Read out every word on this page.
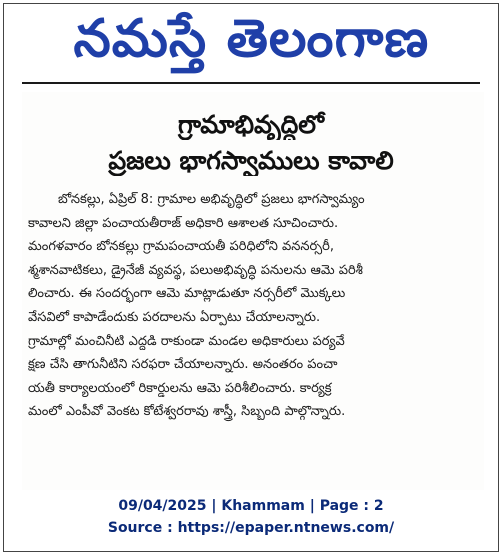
నమస్తే తెలంగాణ
గ్రామాభివృద్ధిలో
ప్రజలు భాగస్వాములు కావాలి
బోనకల్లు, ఏప్రిల్ 8: గ్రామాల అభివృద్ధిలో ప్రజలు భాగస్వామ్యం
కావాలని జిల్లా పంచాయతీరాజ్ అధికారి ఆశాలత సూచించారు.
మంగళవారం బోనకల్లు గ్రామపంచాయతీ పరిధిలోని వననర్సరీ,
శ్మశానవాటికలు, డ్రైనేజీ వ్యవస్థ, పలుఅభివృద్ధి పనులను ఆమె పరిశీ
లించారు. ఈ సందర్భంగా ఆమె మాట్లాడుతూ నర్సరీలో మొక్కలు
వేసవిలో కాపాడేందుకు పరదాలను ఏర్పాటు చేయాలన్నారు.
గ్రామాల్లో మంచినీటి ఎద్దడి రాకుండా మండల అధికారులు పర్యవే
క్షణ చేసి తాగునీటిని సరఫరా చేయాలన్నారు. అనంతరం పంచా
యతీ కార్యాలయంలో రికార్డులను ఆమె పరిశీలించారు. కార్యక్ర
మంలో ఎంపీవో వెంకట కోటేశ్వరరావు శాస్త్రీ, సిబ్బంది పాల్గొన్నారు.
09/04/2025 | Khammam | Page : 2
Source : https://epaper.ntnews.com/
